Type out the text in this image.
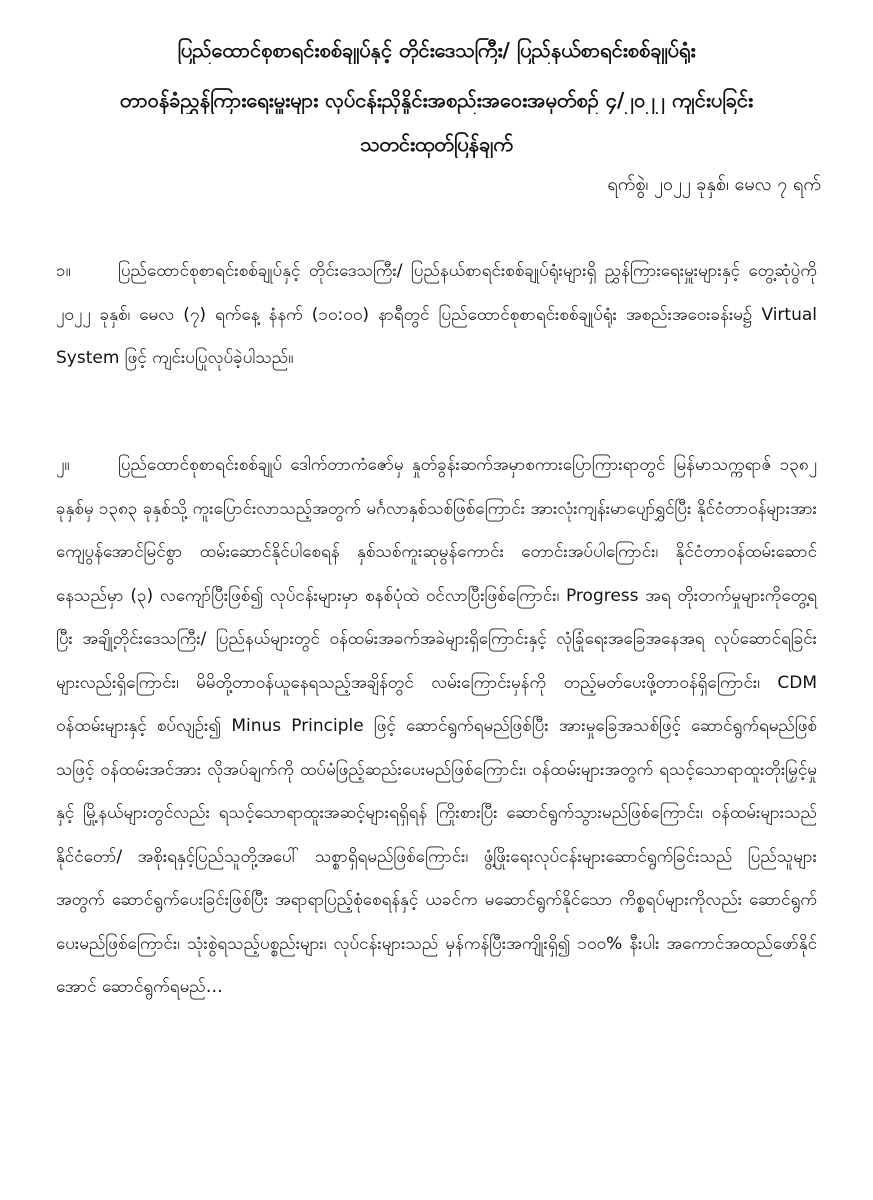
ပြည်ထောင်စုစာရင်းစစ်ချုပ်နှင့် တိုင်းဒေသကြီး/ ပြည်နယ်စာရင်းစစ်ချုပ်ရုံး
တာဝန်ခံညွှန်ကြားရေးမှူးများ လုပ်ငန်းညှိနှိုင်းအစည်းအဝေးအမှတ်စဉ် ၄/၂၀၂၂ ကျင်းပခြင်း
သတင်းထုတ်ပြန်ချက်
ရက်စွဲ၊ ၂၀၂၂ ခုနှစ်၊ မေလ ၇ ရက်
၁။	ပြည်ထောင်စုစာရင်းစစ်ချုပ်နှင့် တိုင်းဒေသကြီး/ ပြည်နယ်စာရင်းစစ်ချုပ်ရုံးများရှိ ညွှန်ကြားရေးမှူးများနှင့် တွေ့ဆုံပွဲကို ၂၀၂၂ ခုနှစ်၊ မေလ (၇) ရက်နေ့ နံနက် (၁၀:၀၀) နာရီတွင် ပြည်ထောင်စုစာရင်းစစ်ချုပ်ရုံး အစည်းအဝေးခန်းမ၌ Virtual System ဖြင့် ကျင်းပပြုလုပ်ခဲ့ပါသည်။
၂။	ပြည်ထောင်စုစာရင်းစစ်ချုပ် ဒေါက်တာကံဇော်မှ နှုတ်ခွန်းဆက်အမှာစကားပြောကြားရာတွင် မြန်မာသက္ကရာဇ် ၁၃၈၂ ခုနှစ်မှ ၁၃၈၃ ခုနှစ်သို့ ကူးပြောင်းလာသည့်အတွက် မင်္ဂလာနှစ်သစ်ဖြစ်ကြောင်း အားလုံးကျန်းမာပျော်ရွှင်ပြီး နိုင်ငံတာဝန်များအား ကျေပွန်အောင်မြင်စွာ ထမ်းဆောင်နိုင်ပါစေရန် နှစ်သစ်ကူးဆုမွန်ကောင်း တောင်းအပ်ပါကြောင်း၊ နိုင်ငံတာဝန်ထမ်းဆောင်နေသည်မှာ (၃) လကျော်ပြီးဖြစ်၍ လုပ်ငန်းများမှာ စနစ်ပုံထဲ ဝင်လာပြီးဖြစ်ကြောင်း၊ Progress အရ တိုးတက်မှုများကိုတွေ့ရပြီး အချို့တိုင်းဒေသကြီး/ ပြည်နယ်များတွင် ဝန်ထမ်းအခက်အခဲများရှိကြောင်းနှင့် လုံခြုံရေးအခြေအနေအရ လုပ်ဆောင်ရခြင်းများလည်းရှိကြောင်း၊ မိမိတို့တာဝန်ယူနေရသည့်အချိန်တွင် လမ်းကြောင်းမှန်ကို တည့်မတ်ပေးဖို့တာဝန်ရှိကြောင်း၊ CDM ဝန်ထမ်းများနှင့် စပ်လျဉ်း၍ Minus Principle ဖြင့် ဆောင်ရွက်ရမည်ဖြစ်ပြီး အားမှုခြေအသစ်ဖြင့် ဆောင်ရွက်ရမည်ဖြစ်သဖြင့် ဝန်ထမ်းအင်အား လိုအပ်ချက်ကို ထပ်မံဖြည့်ဆည်းပေးမည်ဖြစ်ကြောင်း၊ ဝန်ထမ်းများအတွက် ရသင့်သောရာထူးတိုးမြှင့်မှုနှင့် မြို့နယ်များတွင်လည်း ရသင့်သောရာထူးအဆင့်များရရှိရန် ကြိုးစားပြီး ဆောင်ရွက်သွားမည်ဖြစ်ကြောင်း၊ ဝန်ထမ်းများသည် နိုင်ငံတော်/ အစိုးရနှင့်ပြည်သူတို့အပေါ် သစ္စာရှိရမည်ဖြစ်ကြောင်း၊ ဖွံ့ဖြိုးရေးလုပ်ငန်းများဆောင်ရွက်ခြင်းသည် ပြည်သူများအတွက် ဆောင်ရွက်ပေးခြင်းဖြစ်ပြီး အရာရာပြည့်စုံစေရန်နှင့် ယခင်က မဆောင်ရွက်နိုင်သော ကိစ္စရပ်များကိုလည်း ဆောင်ရွက်ပေးမည်ဖြစ်ကြောင်း၊ သုံးစွဲရသည့်ပစ္စည်းများ၊ လုပ်ငန်းများသည် မှန်ကန်ပြီးအကျိုးရှိ၍ ၁၀၀% နီးပါး အကောင်အထည်ဖော်နိုင်အောင် ဆောင်ရွက်ရမည်…
